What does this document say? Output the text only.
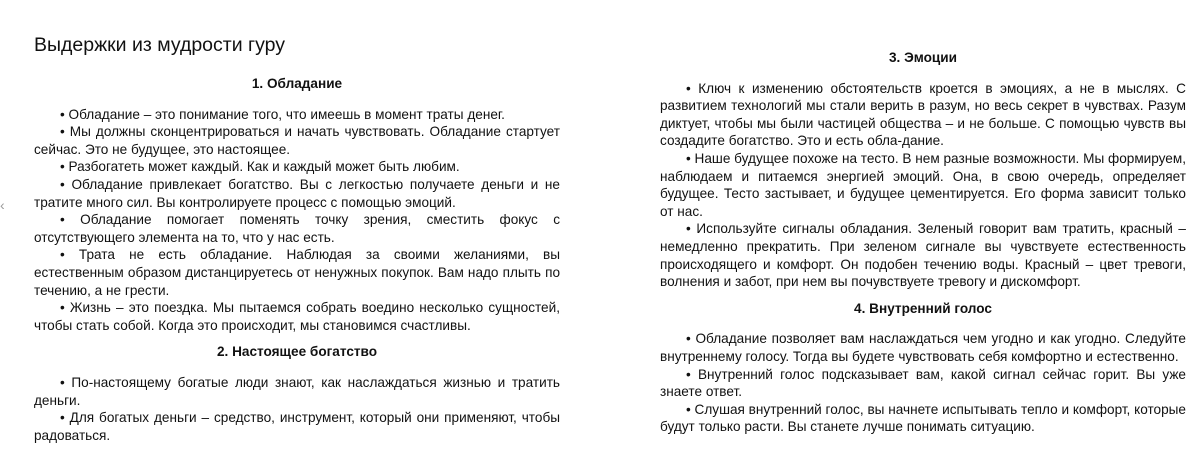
‹
Выдержки из мудрости гуру
1. Обладание
• Обладание – это понимание того, что имеешь в момент траты денег.
• Мы должны сконцентрироваться и начать чувствовать. Обладание стартует сейчас. Это не будущее, это настоящее.
• Разбогатеть может каждый. Как и каждый может быть любим.
• Обладание привлекает богатство. Вы с легкостью получаете деньги и не тратите много сил. Вы контролируете процесс с помощью эмоций.
• Обладание помогает поменять точку зрения, сместить фокус с отсутствующего элемента на то, что у нас есть.
• Трата не есть обладание. Наблюдая за своими желаниями, вы естественным образом дистанцируетесь от ненужных покупок. Вам надо плыть по течению, а не грести.
• Жизнь – это поездка. Мы пытаемся собрать воедино несколько сущностей, чтобы стать собой. Когда это происходит, мы становимся счастливы.
2. Настоящее богатство
• По-настоящему богатые люди знают, как наслаждаться жизнью и тратить деньги.
• Для богатых деньги – средство, инструмент, который они применяют, чтобы радоваться.
3. Эмоции
• Ключ к изменению обстоятельств кроется в эмоциях, а не в мыслях. С развитием технологий мы стали верить в разум, но весь секрет в чувствах. Разум диктует, чтобы мы были частицей общества – и не больше. С помощью чувств вы создадите богатство. Это и есть обла-дание.
• Наше будущее похоже на тесто. В нем разные возможности. Мы формируем, наблюдаем и питаемся энергией эмоций. Она, в свою очередь, определяет будущее. Тесто застывает, и будущее цементируется. Его форма зависит только от нас.
• Используйте сигналы обладания. Зеленый говорит вам тратить, красный – немедленно прекратить. При зеленом сигнале вы чувствуете естественность происходящего и комфорт. Он подобен течению воды. Красный – цвет тревоги, волнения и забот, при нем вы почувствуете тревогу и дискомфорт.
4. Внутренний голос
• Обладание позволяет вам наслаждаться чем угодно и как угодно. Следуйте внутреннему голосу. Тогда вы будете чувствовать себя комфортно и естественно.
• Внутренний голос подсказывает вам, какой сигнал сейчас горит. Вы уже знаете ответ.
• Слушая внутренний голос, вы начнете испытывать тепло и комфорт, которые будут только расти. Вы станете лучше понимать ситуацию.
